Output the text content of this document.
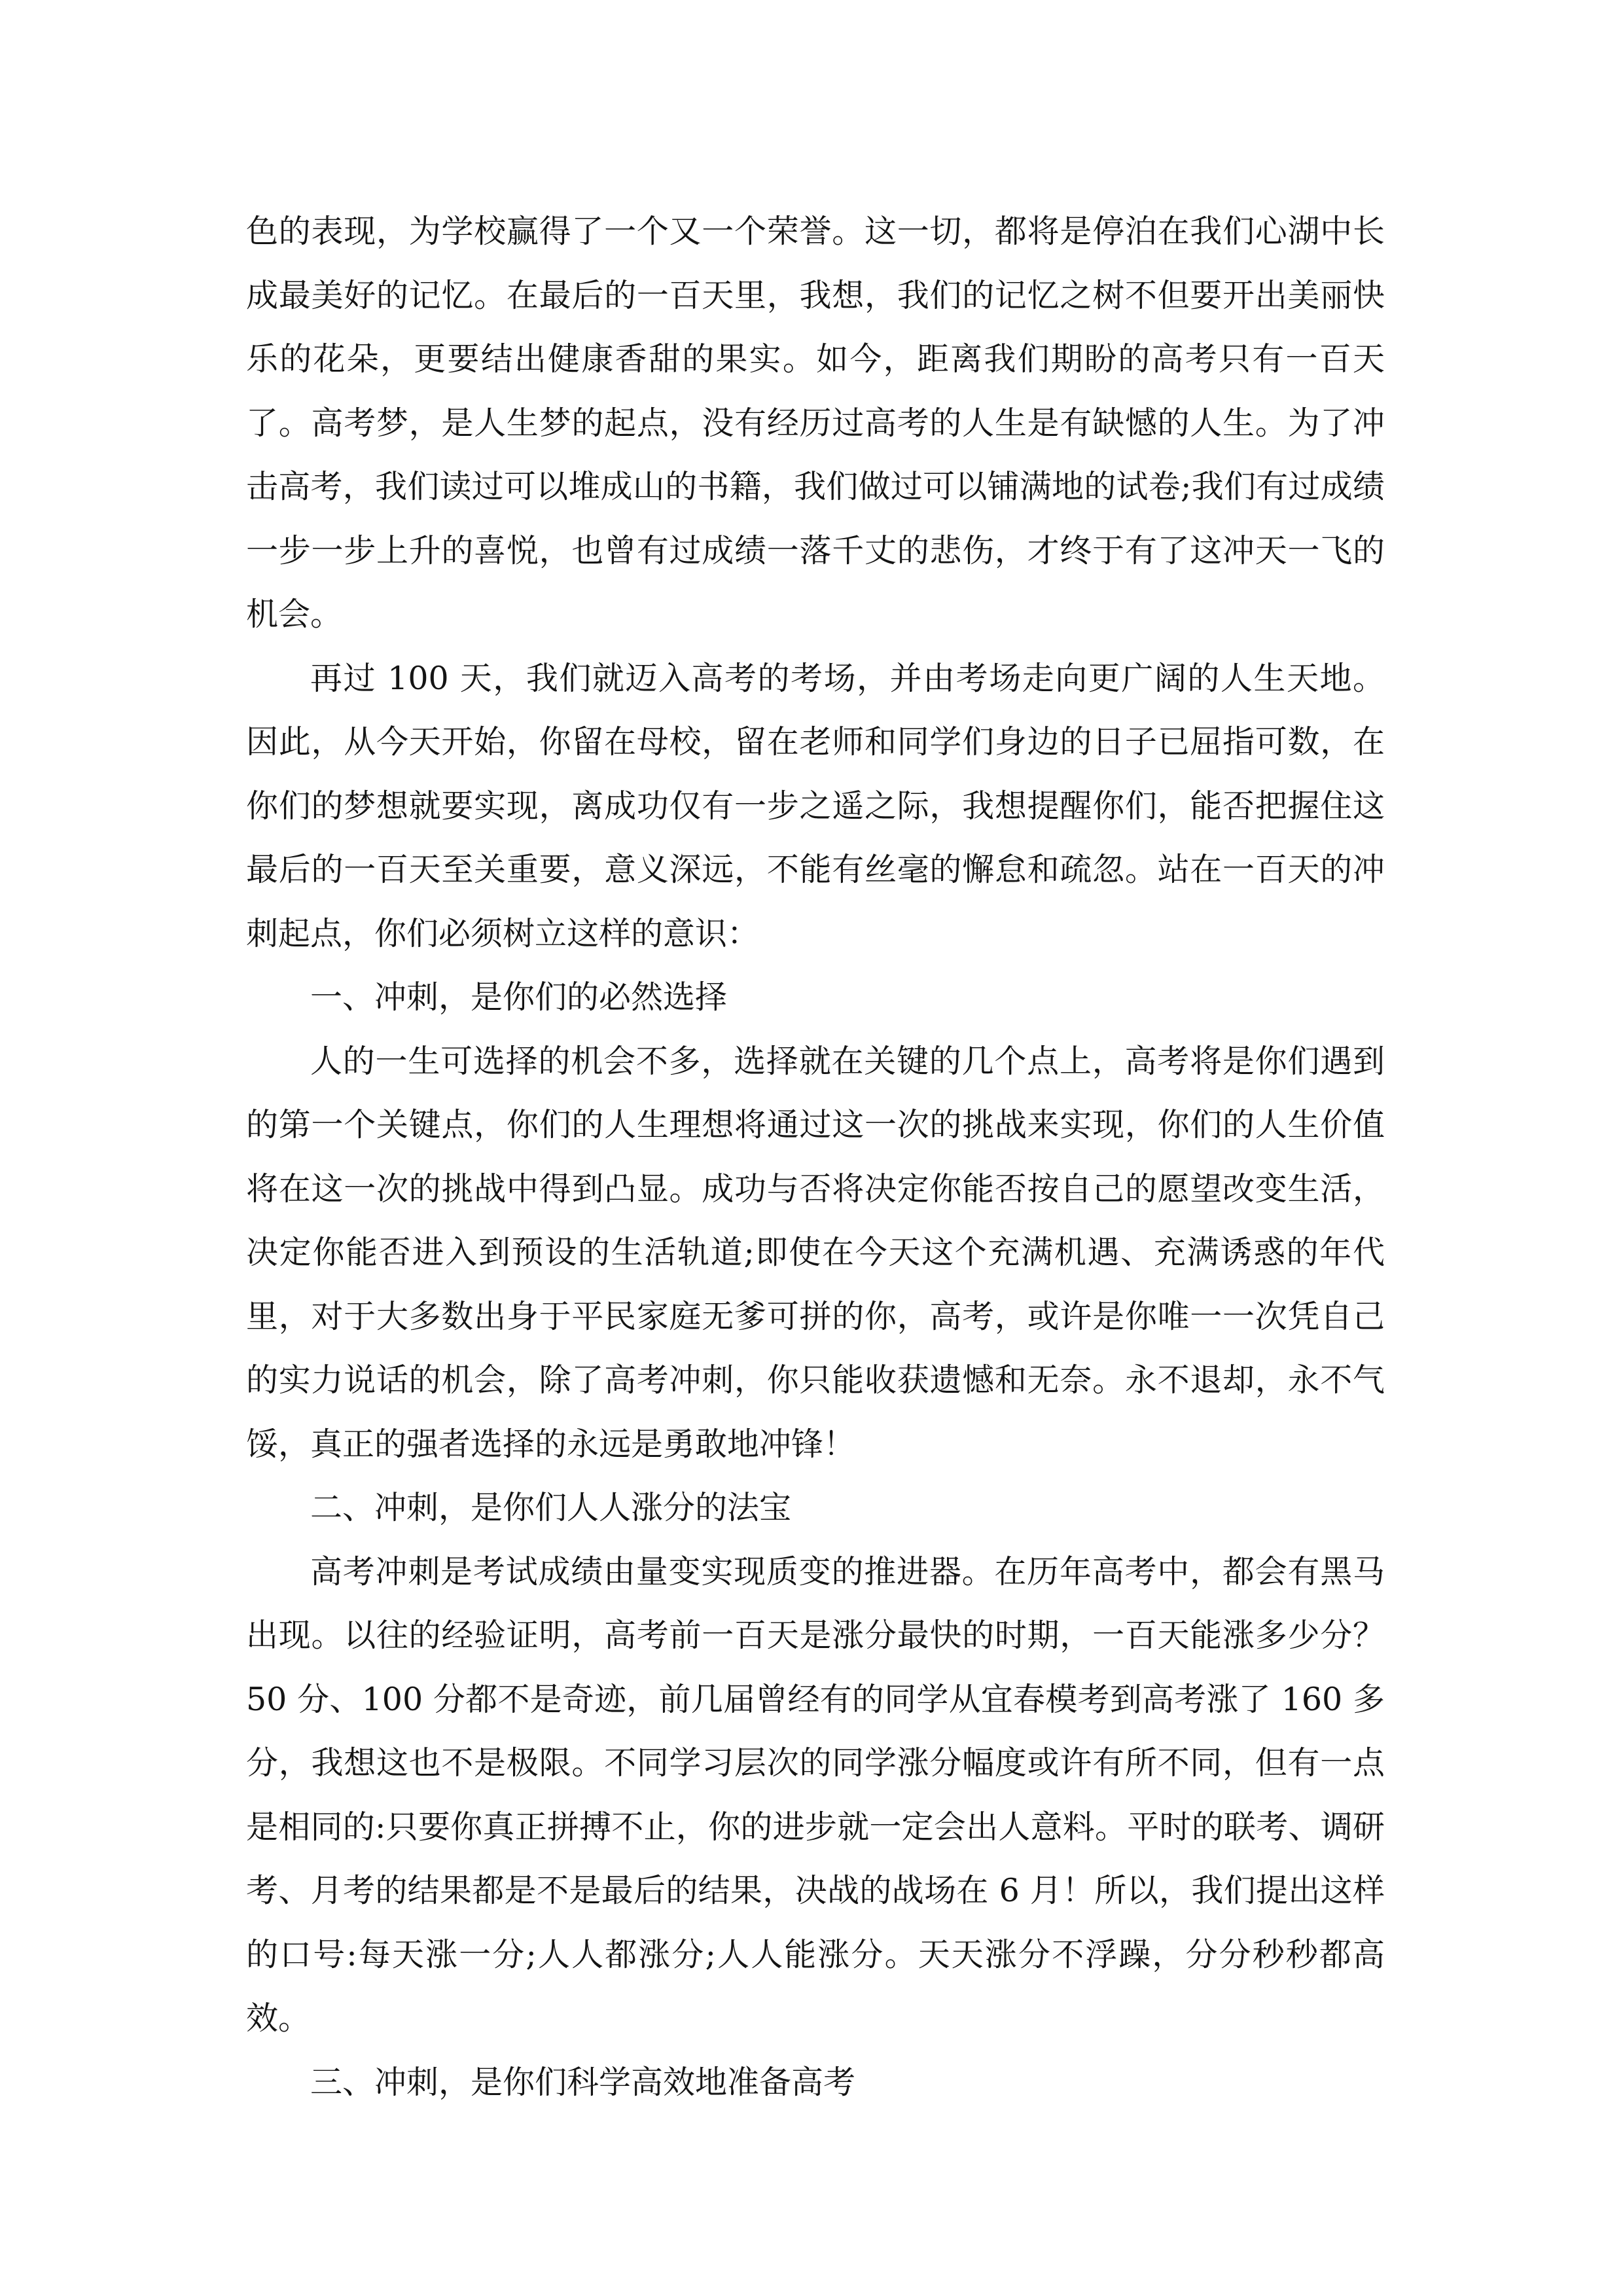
色的表现，为学校赢得了一个又一个荣誉。这一切，都将是停泊在我们心湖中长成最美好的记忆。在最后的一百天里，我想，我们的记忆之树不但要开出美丽快乐的花朵，更要结出健康香甜的果实。如今，距离我们期盼的高考只有一百天了。高考梦，是人生梦的起点，没有经历过高考的人生是有缺憾的人生。为了冲击高考，我们读过可以堆成山的书籍，我们做过可以铺满地的试卷;我们有过成绩一步一步上升的喜悦，也曾有过成绩一落千丈的悲伤，才终于有了这冲天一飞的机会。

再过 100 天，我们就迈入高考的考场，并由考场走向更广阔的人生天地。因此，从今天开始，你留在母校，留在老师和同学们身边的日子已屈指可数，在你们的梦想就要实现，离成功仅有一步之遥之际，我想提醒你们，能否把握住这最后的一百天至关重要，意义深远，不能有丝毫的懈怠和疏忽。站在一百天的冲刺起点，你们必须树立这样的意识：

一、冲刺，是你们的必然选择

人的一生可选择的机会不多，选择就在关键的几个点上，高考将是你们遇到的第一个关键点，你们的人生理想将通过这一次的挑战来实现，你们的人生价值将在这一次的挑战中得到凸显。成功与否将决定你能否按自己的愿望改变生活，决定你能否进入到预设的生活轨道;即使在今天这个充满机遇、充满诱惑的年代里，对于大多数出身于平民家庭无爹可拼的你，高考，或许是你唯一一次凭自己的实力说话的机会，除了高考冲刺，你只能收获遗憾和无奈。永不退却，永不气馁，真正的强者选择的永远是勇敢地冲锋！

二、冲刺，是你们人人涨分的法宝

高考冲刺是考试成绩由量变实现质变的推进器。在历年高考中，都会有黑马出现。以往的经验证明，高考前一百天是涨分最快的时期，一百天能涨多少分？50 分、100 分都不是奇迹，前几届曾经有的同学从宜春模考到高考涨了 160 多分，我想这也不是极限。不同学习层次的同学涨分幅度或许有所不同，但有一点是相同的:只要你真正拼搏不止，你的进步就一定会出人意料。平时的联考、调研考、月考的结果都是不是最后的结果，决战的战场在 6 月！所以，我们提出这样的口号:每天涨一分;人人都涨分;人人能涨分。天天涨分不浮躁，分分秒秒都高效。

三、冲刺，是你们科学高效地准备高考
